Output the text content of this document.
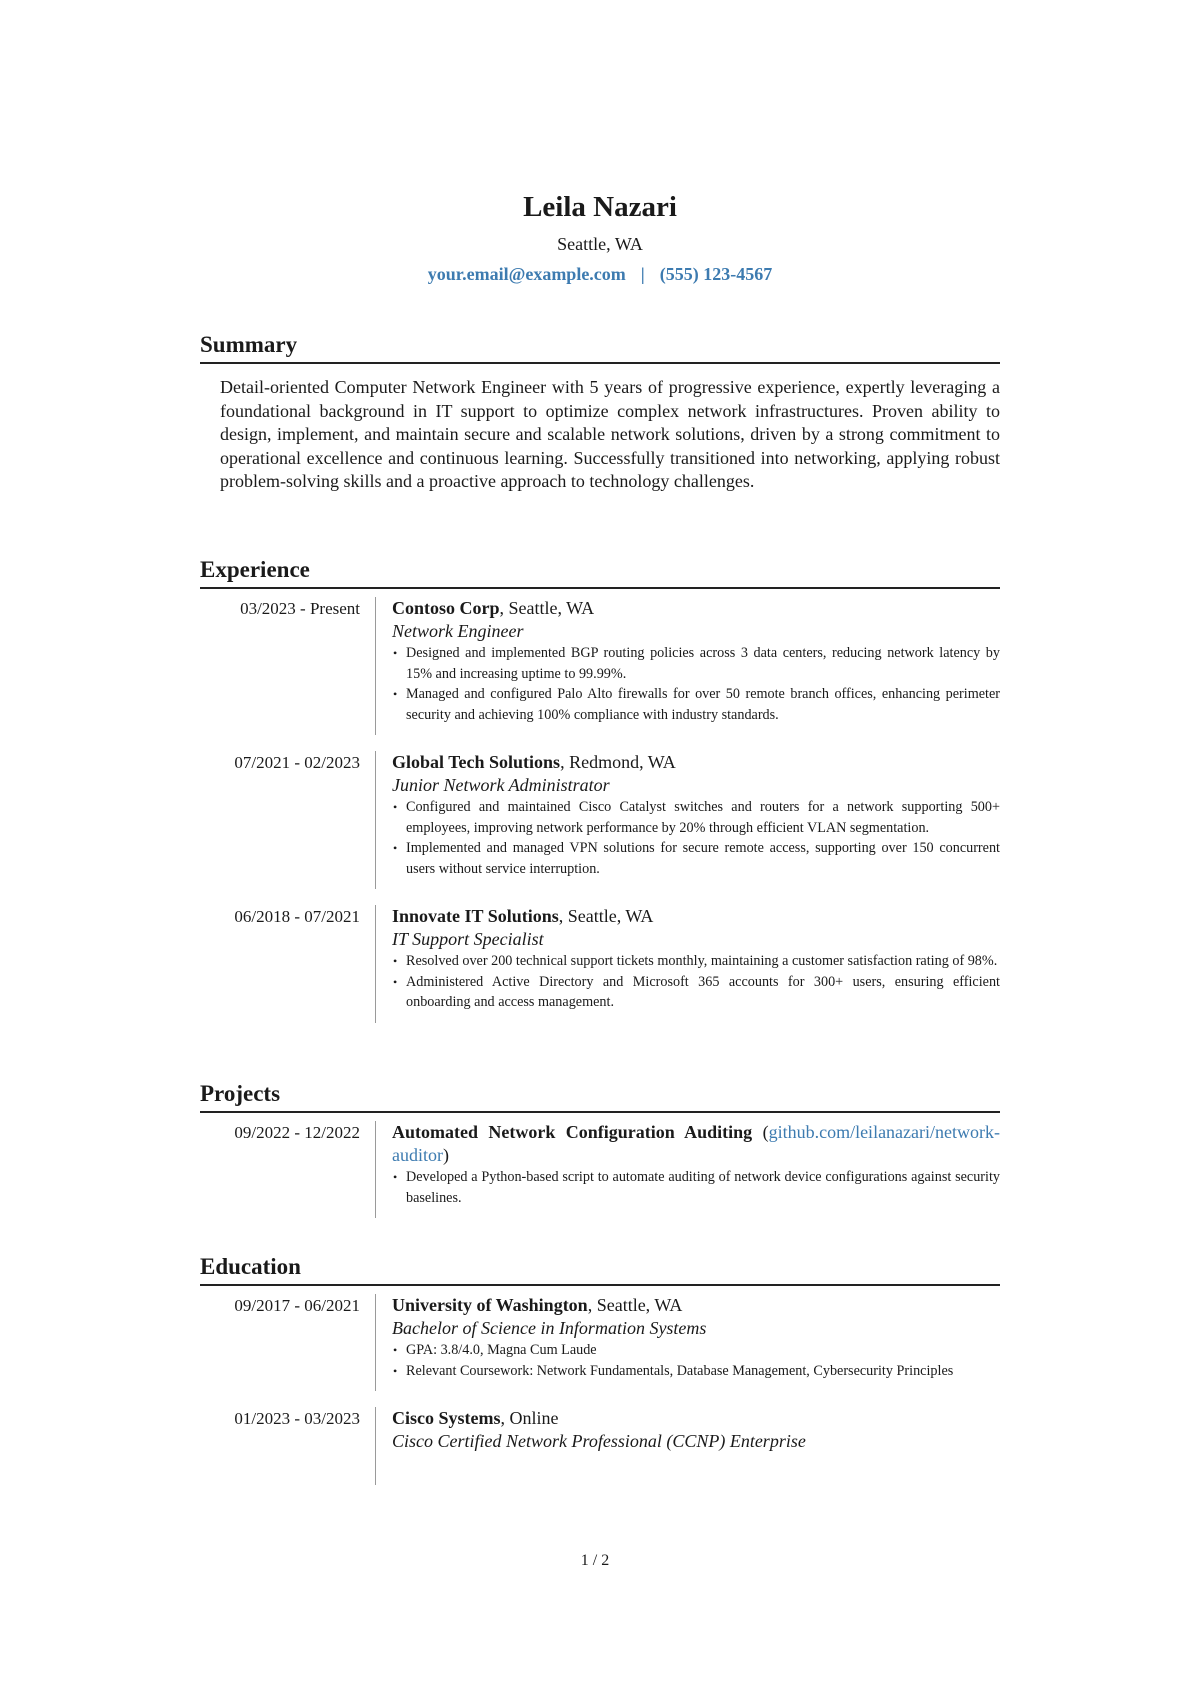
Leila Nazari
Seattle, WA
your.email@example.com | (555) 123-4567
Summary
Detail-oriented Computer Network Engineer with 5 years of progressive experience, expertly leveraging a foundational background in IT support to optimize complex network infrastructures. Proven ability to design, implement, and maintain secure and scalable network solutions, driven by a strong commitment to operational excellence and continuous learning. Successfully transitioned into networking, applying robust problem-solving skills and a proactive approach to technology challenges.
Experience
03/2023 - Present	Contoso Corp, Seattle, WA
Network Engineer
• Designed and implemented BGP routing policies across 3 data centers, reducing network latency by 15% and increasing uptime to 99.99%.
• Managed and configured Palo Alto firewalls for over 50 remote branch offices, enhancing perimeter security and achieving 100% compliance with industry standards.
07/2021 - 02/2023	Global Tech Solutions, Redmond, WA
Junior Network Administrator
• Configured and maintained Cisco Catalyst switches and routers for a network supporting 500+ employees, improving network performance by 20% through efficient VLAN segmentation.
• Implemented and managed VPN solutions for secure remote access, supporting over 150 concurrent users without service interruption.
06/2018 - 07/2021	Innovate IT Solutions, Seattle, WA
IT Support Specialist
• Resolved over 200 technical support tickets monthly, maintaining a customer satisfaction rating of 98%.
• Administered Active Directory and Microsoft 365 accounts for 300+ users, ensuring efficient onboarding and access management.
Projects
09/2022 - 12/2022	Automated Network Configuration Auditing (github.com/leilanazari/network-auditor)
• Developed a Python-based script to automate auditing of network device configurations against security baselines.
Education
09/2017 - 06/2021	University of Washington, Seattle, WA
Bachelor of Science in Information Systems
• GPA: 3.8/4.0, Magna Cum Laude
• Relevant Coursework: Network Fundamentals, Database Management, Cybersecurity Principles
01/2023 - 03/2023	Cisco Systems, Online
Cisco Certified Network Professional (CCNP) Enterprise
1 / 2
